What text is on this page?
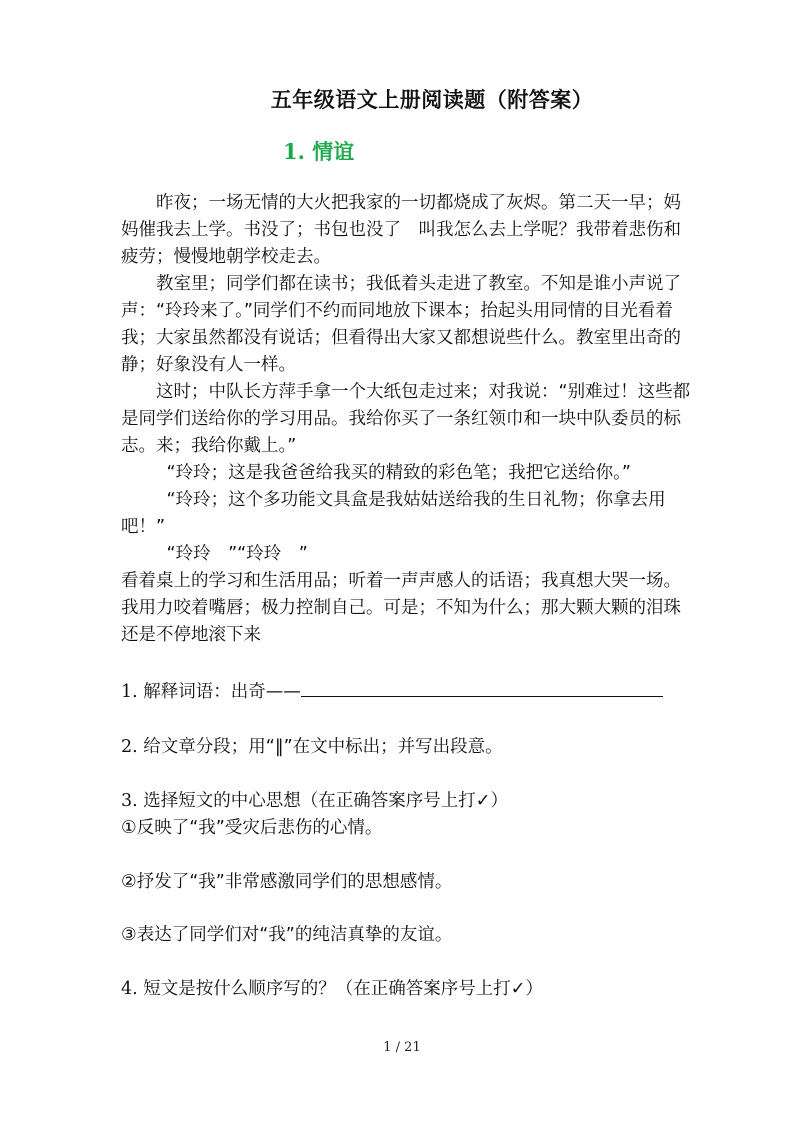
五年级语文上册阅读题（附答案）
1. 情谊

昨夜；一场无情的大火把我家的一切都烧成了灰烬。第二天一早；妈妈催我去上学。书没了；书包也没了　叫我怎么去上学呢？我带着悲伤和疲劳；慢慢地朝学校走去。

教室里；同学们都在读书；我低着头走进了教室。不知是谁小声说了声：“玲玲来了。”同学们不约而同地放下课本；抬起头用同情的目光看着我；大家虽然都没有说话；但看得出大家又都想说些什么。教室里出奇的静；好象没有人一样。

这时；中队长方萍手拿一个大纸包走过来；对我说：“别难过！这些都是同学们送给你的学习用品。我给你买了一条红领巾和一块中队委员的标志。来；我给你戴上。”

“玲玲；这是我爸爸给我买的精致的彩色笔；我把它送给你。”

“玲玲；这个多功能文具盒是我姑姑送给我的生日礼物；你拿去用吧！”

“玲玲　”“玲玲　”

看着桌上的学习和生活用品；听着一声声感人的话语；我真想大哭一场。我用力咬着嘴唇；极力控制自己。可是；不知为什么；那大颗大颗的泪珠还是不停地滚下来

1. 解释词语：出奇——

2. 给文章分段；用“‖”在文中标出；并写出段意。

3. 选择短文的中心思想（在正确答案序号上打✓）

①反映了“我”受灾后悲伤的心情。

②抒发了“我”非常感激同学们的思想感情。

③表达了同学们对“我”的纯洁真挚的友谊。

4. 短文是按什么顺序写的？（在正确答案序号上打✓）

1 / 21
